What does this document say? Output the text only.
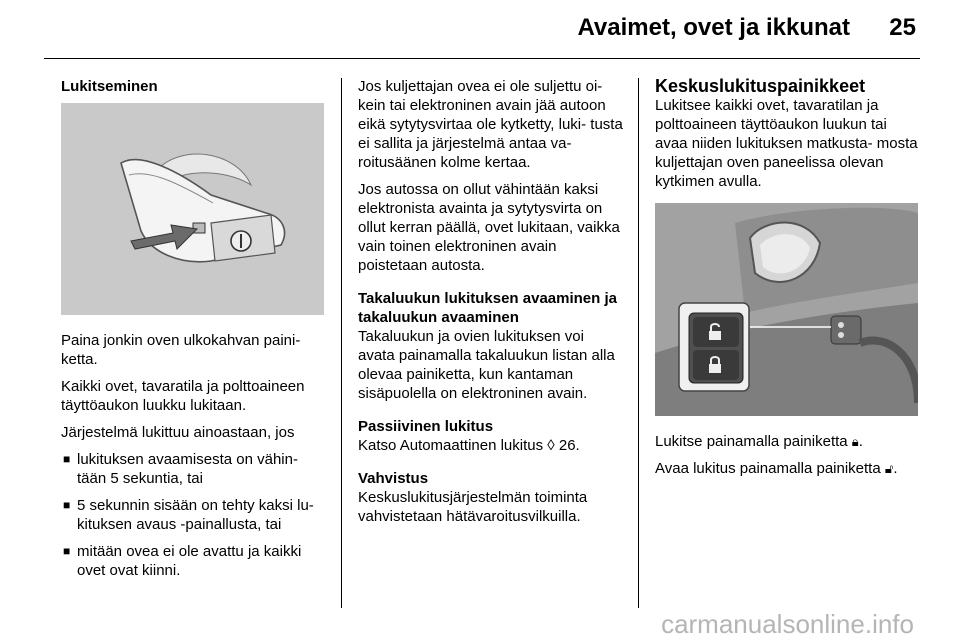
Avaimet, ovet ja ikkunat 25
Lukitseminen

Paina jonkin oven ulkokahvan paini- ketta.

Kaikki ovet, tavaratila ja polttoaineen täyttöaukon luukku lukitaan.

Järjestelmä lukittuu ainoastaan, jos

■ lukituksen avaamisesta on vähin- tään 5 sekuntia, tai
■ 5 sekunnin sisään on tehty kaksi lu- kituksen avaus -painallusta, tai
■ mitään ovea ei ole avattu ja kaikki ovet ovat kiinni.

Jos kuljettajan ovea ei ole suljettu oi- kein tai elektroninen avain jää autoon eikä sytytysvirtaa ole kytketty, luki- tusta ei sallita ja järjestelmä antaa va- roitusäänen kolme kertaa.

Jos autossa on ollut vähintään kaksi elektronista avainta ja sytytysvirta on ollut kerran päällä, ovet lukitaan, vaikka vain toinen elektroninen avain poistetaan autosta.

Takaluukun lukituksen avaaminen ja takaluukun avaaminen

Takaluukun ja ovien lukituksen voi avata painamalla takaluukun listan alla olevaa painiketta, kun kantaman sisäpuolella on elektroninen avain.

Passiivinen lukitus

Katso Automaattinen lukitus ◊ 26.

Vahvistus

Keskuslukitusjärjestelmän toiminta vahvistetaan hätävaroitusvilkuilla.

Keskuslukituspainikkeet

Lukitsee kaikki ovet, tavaratilan ja polttoaineen täyttöaukon luukun tai avaa niiden lukituksen matkusta- mosta kuljettajan oven paneelissa olevan kytkimen avulla.

Lukitse painamalla painiketta 🔒︎.

Avaa lukitus painamalla painiketta 🔓︎.

carmanualsonline.info
